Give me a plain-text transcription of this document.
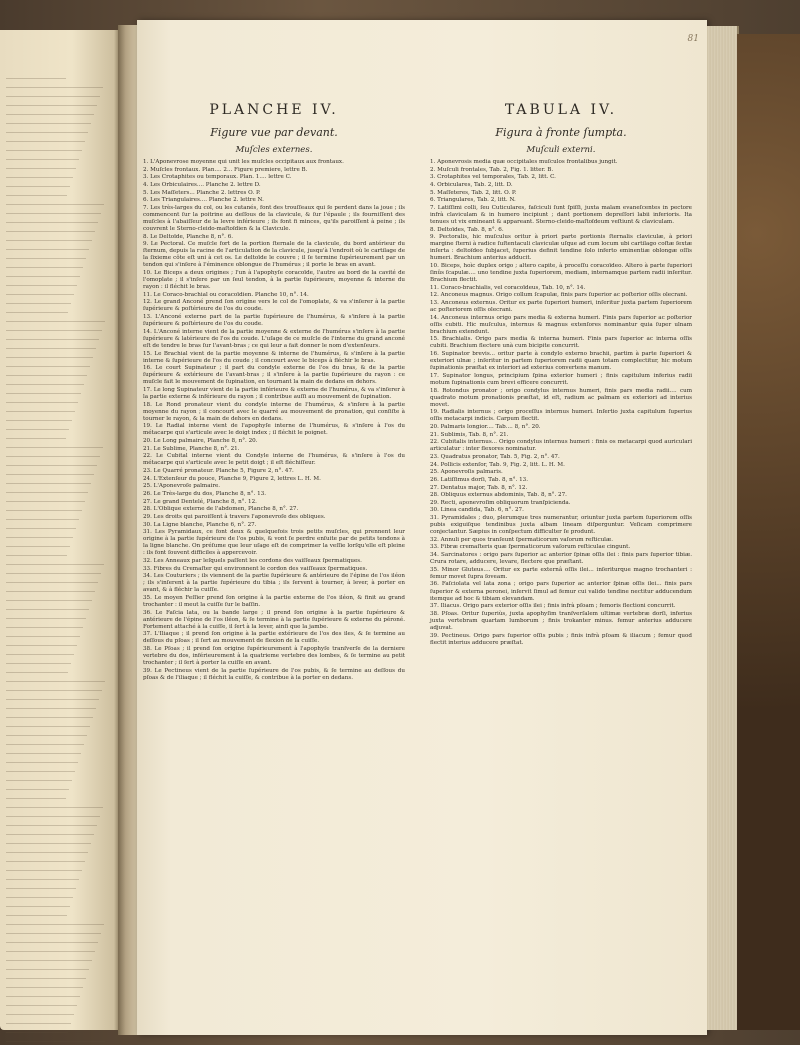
81
PLANCHE IV.
Figure vue par devant.
Muſcles externes.
1. L'Aponevrose moyenne qui unit les muſcles occipitaux aux frontaux.
2. Muſcles frontaux. Plan.... 2... Figure premiere, lettre B.
3. Les Crotaphites ou temporaux. Plan. 1.... lettre C.
4. Les Orbiculaires.... Planche 2. lettre D.
5. Les Maſſeters... Planche 2. lettres O. P.
6. Les Triangulaires.... Planche 2. lettre N.
7. Les très-larges du col, ou les cutanés, font des trouſſeaux qui ſe perdent dans la joue ; ils commencent ſur la poitrine au deſſous de la clavicule, & ſur l'épaule ; ils fourniſſent des muſcles à l'abaiſſeur de la levre inférieure ; ils font fi minces, qu'ils paroiſſent à peine ; ils couvrent le Sterno-cleido-maſtoïdien & la Clavicule.
8. Le Deltoïde, Planche 8, n°. 6.
9. Le Pectoral. Ce muſcle fort de la portion ſternale de la clavicule, du bord antérieur du ſternum, depuis la racine de l'articulation de la clavicule, jusqu'à l'endroit où le cartilage de la ſixieme côte eſt uni à cet os. Le deltoïde le couvre ; il ſe termine ſupérieurement par un tendon qui s'inſere à l'éminence oblongue de l'humérus ; il porte le bras en avant.
10. Le Biceps a deux origines ; l'un à l'apophyſe coracoïde, l'autre au bord de la cavité de l'omoplate ; il s'inſere par un ſeul tendon, à la partie ſupérieure, moyenne & interne du rayon : il fléchit le bras.
11. Le Coraco-brachial ou coracoïdien. Planche 10, n°. 14.
12. Le grand Anconé prend ſon origine vers le col de l'omoplate, & va s'inſerer à la partie ſupérieure & poſtérieure de l'os du coude.
13. L'Anconé externe part de la partie ſupérieure de l'humérus, & s'inſere à la partie ſupérieure & poſtérieure de l'os du coude.
14. L'Anconé interne vient de la partie moyenne & externe de l'humérus s'inſere à la partie ſupérieure & latérieure de l'os du coude. L'uſage de ce muſcle de l'interne du grand anconé eſt de tendre le bras ſur l'avant-bras ; ce qui leur a fait donner le nom d'extenſeurs.
15. Le Brachial vient de la partie moyenne & interne de l'humérus, & s'inſere à la partie interne & ſupérieure de l'os du coude ; il concourt avec le biceps à fléchir le bras.
16. Le court Supinateur ; il part du condyle externe de l'os du bras, & de la partie ſupérieure & extérieure de l'avant-bras ; il s'inſere à la partie ſupérieure du rayon : ce muſcle fait le mouvement de ſupination, en tournant la main de dedans en dehors.
17. Le long Supinateur vient de la partie inférieure & externe de l'humérus, & va s'inſerer à la partie externe & inférieure du rayon ; il contribue auſſi au mouvement de ſupination.
18. Le Rond pronateur vient du condyle interne de l'humérus, & s'inſere à la partie moyenne du rayon ; il concourt avec le quarré au mouvement de pronation, qui conſiſte à tourner le rayon, & la main de dehors en dedans.
19. Le Radial interne vient de l'apophyſe interne de l'humérus, & s'inſere à l'os du métacarpe qui s'articule avec le doigt index ; il fléchit le poignet.
20. Le Long palmaire, Planche 8, n°. 20.
21. Le Sublime, Planche 8, n°. 21.
22. Le Cubital interne vient du Condyle interne de l'humérus, & s'inſere à l'os du métacarpe qui s'articule avec le petit doigt ; il eſt fléchiſſeur.
23. Le Quarré pronateur. Planche 5, Figure 2, n°. 47.
24. L'Extenſeur du pouce, Planche 9, Figure 2, lettres L. H. M.
25. L'Aponevroſe palmaire.
26. Le Très-large du dos, Planche 8, n°. 13.
27. Le grand Dentelé, Planche 8, n°. 12.
28. L'Oblique externe de l'abdomen, Planche 8, n°. 27.
29. Les droits qui paroiſſent à travers l'aponevroſe des obliques.
30. La Ligne blanche, Planche 6, n°. 27.
31. Les Pyramidaux, ce font deux & quelquefois trois petits muſcles, qui prennent leur origine à la partie ſupérieure de l'os pubis, & vont ſe perdre enſuite par de petits tendons à la ligne blanche. On préſume que leur uſage eſt de comprimer la veſſie lorſqu'elle eſt pleine : ils font ſouvent difficiles à appercevoir.
32. Les Anneaux par leſquels paſſent les cordons des vaiſſeaux ſpermatiques.
33. Fibres du Cremaſter qui environnent le cordon des vaiſſeaux ſpermatiques.
34. Les Couturiers ; ils viennent de la partie ſupérieure & antérieure de l'épine de l'os iléon ; ils s'inſerent à la partie ſupérieure du tibia ; ils ſervent à tourner, à lever, à porter en avant, & à fléchir la cuiſſe.
35. Le moyen Feſſier prend ſon origine à la partie externe de l'os iléon, & finit au grand trochanter : il meut la cuiſſe ſur le baſſin.
36. Le Faſcia lata, ou la bande large ; il prend ſon origine à la partie ſupérieure & antérieure de l'épine de l'os iléon, & ſe termine à la partie ſupérieure & externe du péroné. Fortement attaché à la cuiſſe, il ſert à la lever, ainſi que la jambe.
37. L'Iliaque ; il prend ſon origine à la partie extérieure de l'os des iles, & ſe termine au deſſous du pſoas ; il ſert au mouvement de flexion de la cuiſſe.
38. Le Pſoas ; il prend ſon origine ſupérieurement à l'apophyſe tranſverſe de la derniere vertebre du dos, inférieurement à la quatrieme vertebre des lombes, & ſe termine au petit trochanter ; il ſert à porter la cuiſſe en avant.
39. Le Pectineus vient de la partie ſupérieure de l'os pubis, & ſe termine au deſſous du pſoas & de l'iliaque ; il fléchit la cuiſſe, & contribue à la porter en dedans.
TABULA IV.
Figura à fronte ſumpta.
Muſculi externi.
1. Aponevrosis media quæ occipitales muſculos frontalibus jungit.
2. Muſculi frontales, Tab. 2, Fig. 1. litter. B.
3. Crotaphites vel temporales, Tab. 2, litt. C.
4. Orbiculares, Tab. 2, litt. D.
5. Maſſeteres, Tab. 2, litt. O. P.
6. Triangulares, Tab. 2, litt. N.
7. Latiſſimi colli, ſeu Cuticulares, faſciculi ſunt ſpiſſi, juxta malam evaneſcentes in pectore infrà claviculam & in humero incipiunt ; dant portionem depreſſori labii inferioris. Ita tenues ut vix emineant & appareant. Sterno-cleido-maſtoïdeum veſtiunt & claviculam.
8. Deltoïdes, Tab. 8, n°. 6.
9. Pectoralis, hic muſculus oritur à priori parte portionis ſternalis claviculæ, à priori margine ſterni à radice ſuſtentaculi claviculæ uſque ad cum locum ubi cartilago coſtæ ſextæ inſerta : deltoïdeo ſubjacet, ſuperius definit tendine ſolo inferto eminentiæ oblongæ oſſis humeri. Brachium anterius adducit.
10. Biceps, hoìc duplex origo ; altero capite, à proceſſu coracoïdeo. Altero à parte ſuperiori ſinûs ſcapulæ.... uno tendine juxta ſuperiorem, mediam, internamque partem radii inſeritur. Brachium flectit.
11. Coraco-brachialis, vel coracoïdeus, Tab. 10, n°. 14.
12. Anconeus magnus. Origo collum ſcapulæ, finis pars ſuperior ac poſterior oſſis olecrani.
13. Anconeus externus. Oritur ex parte ſuperiori humeri, inſeritur juxta partem ſuperiorem ac poſteriorem oſſis olecrani.
14. Anconeus internus origo pars media & externa humeri. Finis pars ſuperior ac poſterior oſſis cubiti. Hic muſculus, internus & magnus extenſores nominantur quia ſuper ulnam brachium extendunt.
15. Brachialis. Origo pars media & interna humeri. Finis pars ſuperior ac interna oſſis cubiti. Brachium flectere unà cum bicipite concurrit.
16. Supinator brevis... oritur parte à condylo externo brachii, partim à parte ſuperiori & exteriori ulnæ ; inſeritur in partem ſuperiorem radii quam totam complectitur, hic motum ſupinationis præſtat ex interiori ad exterius convertens manum.
17. Supinator longus, principium ſpina exterior humeri ; finis capitulum inferius radii motum ſupinationis cum brevi efficere concurrit.
18. Rotondus pronator ; origo condylus internus humeri, finis pars media radii.... cum quadrato motum pronationis præſtat, id eſt, radium ac palmam ex exteriori ad interius movet.
19. Radialis internus ; origo proceſſus internus humeri. Inſertio juxta capitulum ſuperius oſſis metacarpi indicis. Carpum flectit.
20. Palmaris longior.... Tab.... 8, n°. 20.
21. Sublimis, Tab. 8, n°. 21.
22. Cubitalis internus... Origo condylus internus humeri : finis os metacarpi quod auriculari articulatur : inter flexores nominatur.
23. Quadratus pronator, Tab. 5, Fig. 2, n°. 47.
24. Pollicis extenſor, Tab. 9, Fig. 2, litt. L. H. M.
25. Aponevroſis palmaris.
26. Latiſſimus dorſi, Tab. 8, n°. 13.
27. Dentatus major, Tab. 8, n°. 12.
28. Obliquus externus abdominis, Tab. 8, n°. 27.
29. Recti, aponevroſim obliquorum tranſpicienda.
30. Linea candida, Tab. 6, n°. 27.
31. Pyramidales ; duo, plerumque tres numerantur, oriuntur juxta partem ſuperiorem oſſis pubis exiguiſque tendinibus juxta albam lineam diſperguntur. Veſicam comprimere conjectantur. Sæpius in conſpectum difficulter ſe produnt.
32. Annuli per quos tranſeunt ſpermaticorum vaſorum reſticulæ.
33. Fibræ cremaſteris quæ ſpermaticorum vaſorum reſticulae cingunt.
34. Sarcinatores : origo pars ſuperior ac anterior ſpinæ oſſis ilei : finis pars ſuperior tibiæ. Crura rotare, adducere, levare, flectere que præſtant.
35. Minor Gluteus.... Oritur ex parte externâ oſſis ilei... inſeriturque magno trochanteri : femur movet ſupra ſoveam.
36. Faſciolata vel lata zona ; origo pars ſuperior ac anterior ſpinæ oſſis ilei... finis pars ſuperior & externa peronei, inſervit ſimul ad femur cui valido tendine nectitur adducendum itemque ad hoc & tibiam elevandam.
37. Iliacus. Origo pars exterior oſſis ilei ; finis infrà pſoam ; femoris flectioni concurrit.
38. Pſoas. Oritur ſuperiùs, juxta apophyſim tranſverſalem ultimæ vertebræ dorſi, inferius juxta vertebram quartam lumborum ; finis trokanter minus. femur anterius adducere adjuvat.
39. Pectineus. Origo pars ſuperior oſſis pubis ; finis infrà pſoam & iliacum ; femur quod flectit interius adducere præſtat.
